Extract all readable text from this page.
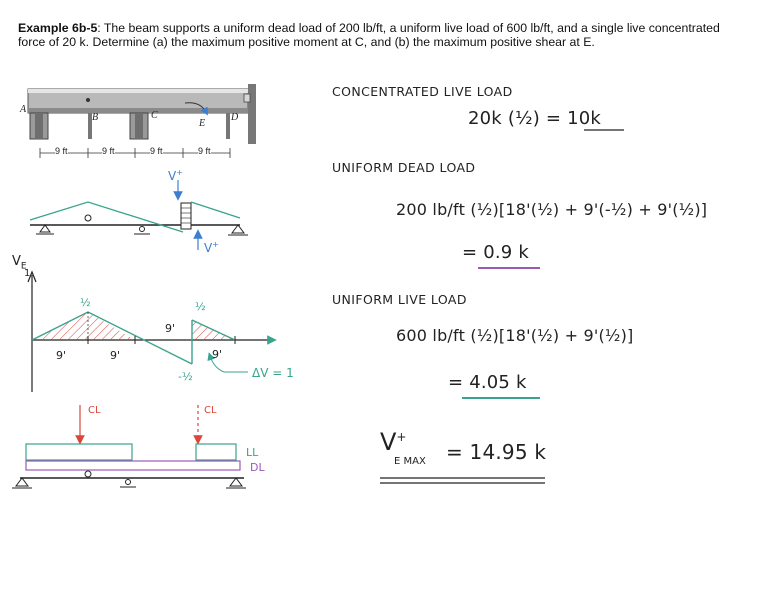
Example 6b-5: The beam supports a uniform dead load of 200 lb/ft, a uniform live load of 600 lb/ft, and a single live concentrated force of 20 k. Determine (a) the maximum positive moment at C, and (b) the maximum positive shear at E.
A
B	C
E
D
9 ft	9 ft	9 ft	9 ft
V+
V+
$V_E$
1
½	½
-½
9'	9'
9'
9'
ΔV = 1
CL	CL
LL
DL
CONCENTRATED LIVE LOAD
20k (½) = 10k
UNIFORM DEAD LOAD
200 lb/ft (½)[18'(½) + 9'(-½) + 9'(½)]
= 0.9 k
UNIFORM LIVE LOAD
600 lb/ft (½)[18'(½) + 9'(½)]
= 4.05 k
V+
E MAX = 14.95 k
